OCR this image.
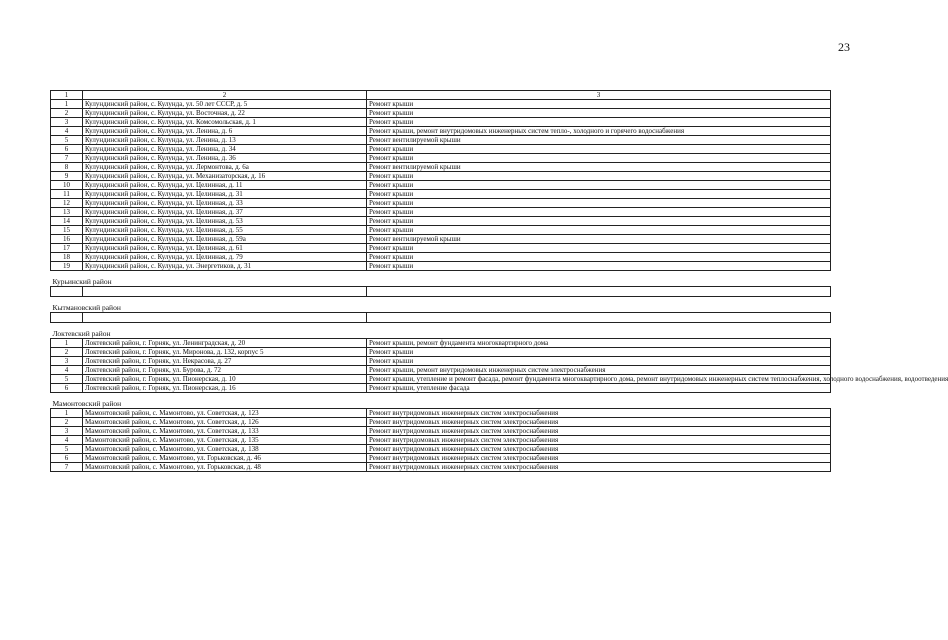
23
1	2	3
1	Кулундинский район, с. Кулунда, ул. 50 лет СССР, д. 5	Ремонт крыши
2	Кулундинский район, с. Кулунда, ул. Восточная, д. 22	Ремонт крыши
3	Кулундинский район, с. Кулунда, ул. Комсомольская, д. 1	Ремонт крыши
4	Кулундинский район, с. Кулунда, ул. Ленина, д. 6	Ремонт крыши, ремонт внутридомовых инженерных систем тепло-, холодного и горячего водоснабжения
5	Кулундинский район, с. Кулунда, ул. Ленина, д. 13	Ремонт вентилируемой крыши
6	Кулундинский район, с. Кулунда, ул. Ленина, д. 34	Ремонт крыши
7	Кулундинский район, с. Кулунда, ул. Ленина, д. 36	Ремонт крыши
8	Кулундинский район, с. Кулунда, ул. Лермонтова, д. 6а	Ремонт вентилируемой крыши
9	Кулундинский район, с. Кулунда, ул. Механизаторская, д. 16	Ремонт крыши
10	Кулундинский район, с. Кулунда, ул. Целинная, д. 11	Ремонт крыши
11	Кулундинский район, с. Кулунда, ул. Целинная, д. 31	Ремонт крыши
12	Кулундинский район, с. Кулунда, ул. Целинная, д. 33	Ремонт крыши
13	Кулундинский район, с. Кулунда, ул. Целинная, д. 37	Ремонт крыши
14	Кулундинский район, с. Кулунда, ул. Целинная, д. 53	Ремонт крыши
15	Кулундинский район, с. Кулунда, ул. Целинная, д. 55	Ремонт крыши
16	Кулундинский район, с. Кулунда, ул. Целинная, д. 59а	Ремонт вентилируемой крыши
17	Кулундинский район, с. Кулунда, ул. Целинная, д. 61	Ремонт крыши
18	Кулундинский район, с. Кулунда, ул. Целинная, д. 79	Ремонт крыши
19	Кулундинский район, с. Кулунда, ул. Энергетиков, д. 31	Ремонт крыши
Курьинский район		

Кытмановский район		

Локтевский район		
1	Локтевский район, г. Горняк, ул. Ленинградская, д. 20	Ремонт крыши, ремонт фундамента многоквартирного дома
2	Локтевский район, г. Горняк, ул. Миронова, д. 132, корпус 5	Ремонт крыши
3	Локтевский район, г. Горняк, ул. Некрасова, д. 27	Ремонт крыши
4	Локтевский район, г. Горняк, ул. Бурова, д. 72	Ремонт крыши, ремонт внутридомовых инженерных систем электроснабжения
5	Локтевский район, г. Горняк, ул. Пионерская, д. 10	Ремонт крыши, утепление и ремонт фасада, ремонт фундамента многоквартирного дома, ремонт внутридомовых инженерных систем теплоснабжения, холодного водоснабжения, водоотведения
6	Локтевский район, г. Горняк, ул. Пионерская, д. 16	Ремонт крыши, утепление фасада
Мамонтовский район		
1	Мамонтовский район, с. Мамонтово, ул. Советская, д. 123	Ремонт внутридомовых инженерных систем электроснабжения
2	Мамонтовский район, с. Мамонтово, ул. Советская, д. 126	Ремонт внутридомовых инженерных систем электроснабжения
3	Мамонтовский район, с. Мамонтово, ул. Советская, д. 133	Ремонт внутридомовых инженерных систем электроснабжения
4	Мамонтовский район, с. Мамонтово, ул. Советская, д. 135	Ремонт внутридомовых инженерных систем электроснабжения
5	Мамонтовский район, с. Мамонтово, ул. Советская, д. 138	Ремонт внутридомовых инженерных систем электроснабжения
6	Мамонтовский район, с. Мамонтово, ул. Горьковская, д. 46	Ремонт внутридомовых инженерных систем электроснабжения
7	Мамонтовский район, с. Мамонтово, ул. Горьковская, д. 48	Ремонт внутридомовых инженерных систем электроснабжения
